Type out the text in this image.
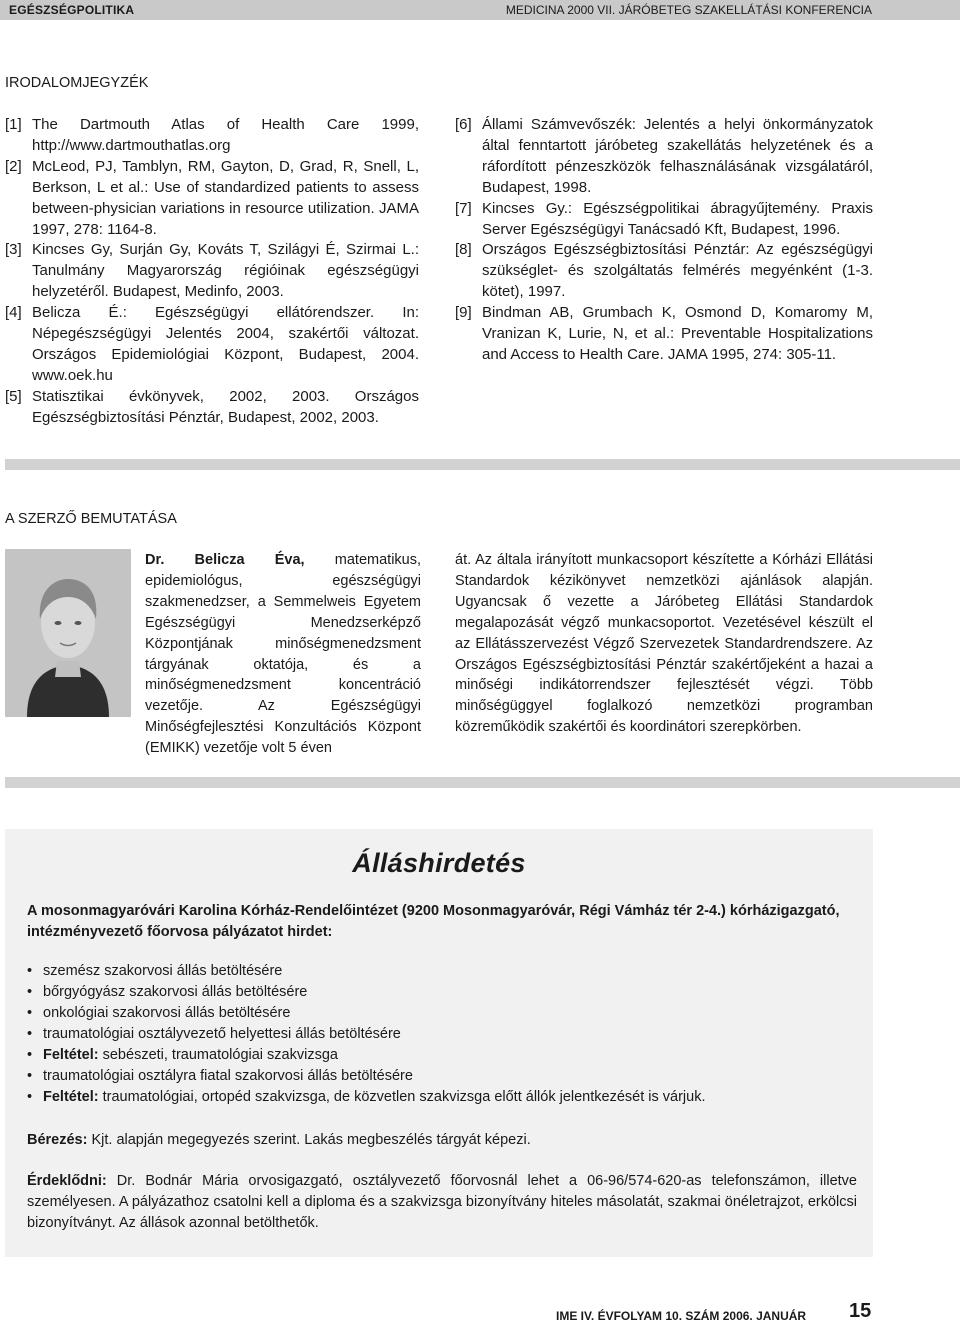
EGÉSZSÉGPOLITIKA	MEDICINA 2000 VII. JÁRÓBETEG SZAKELLÁTÁSI KONFERENCIA
IRODALOMJEGYZÉK
[1] The Dartmouth Atlas of Health Care 1999, http://www.dartmouthatlas.org
[2] McLeod, PJ, Tamblyn, RM, Gayton, D, Grad, R, Snell, L, Berkson, L et al.: Use of standardized patients to assess between-physician variations in resource utilization. JAMA 1997, 278: 1164-8.
[3] Kincses Gy, Surján Gy, Kováts T, Szilágyi É, Szirmai L.: Tanulmány Magyarország régióinak egészségügyi helyzetéről. Budapest, Medinfo, 2003.
[4] Belicza É.: Egészségügyi ellátórendszer. In: Népegészségügyi Jelentés 2004, szakértői változat. Országos Epidemiológiai Központ, Budapest, 2004. www.oek.hu
[5] Statisztikai évkönyvek, 2002, 2003. Országos Egészségbiztosítási Pénztár, Budapest, 2002, 2003.
[6] Állami Számvevőszék: Jelentés a helyi önkormányzatok által fenntartott járóbeteg szakellátás helyzetének és a ráfordított pénzeszközök felhasználásának vizsgálatáról, Budapest, 1998.
[7] Kincses Gy.: Egészségpolitikai ábragyűjtemény. Praxis Server Egészségügyi Tanácsadó Kft, Budapest, 1996.
[8] Országos Egészségbiztosítási Pénztár: Az egészségügyi szükséglet- és szolgáltatás felmérés megyénként (1-3. kötet), 1997.
[9] Bindman AB, Grumbach K, Osmond D, Komaromy M, Vranizan K, Lurie, N, et al.: Preventable Hospitalizations and Access to Health Care. JAMA 1995, 274: 305-11.
A SZERZŐ BEMUTATÁSA
Dr. Belicza Éva, matematikus, epidemiológus, egészségügyi szakmenedzser, a Semmelweis Egyetem Egészségügyi Menedzserképző Központjának minőségmenedzsment tárgyának oktatója, és a minőségmenedzsment koncentráció vezetője. Az Egészségügyi Minőségfejlesztési Konzultációs Központ (EMIKK) vezetője volt 5 éven
át. Az általa irányított munkacsoport készítette a Kórházi Ellátási Standardok kézikönyvet nemzetközi ajánlások alapján. Ugyancsak ő vezette a Járóbeteg Ellátási Standardok megalapozását végző munkacsoportot. Vezetésével készült el az Ellátásszervezést Végző Szervezetek Standardrendszere. Az Országos Egészségbiztosítási Pénztár szakértőjeként a hazai a minőségi indikátorrendszer fejlesztését végzi. Több minőségüggyel foglalkozó nemzetközi programban közreműködik szakértői és koordinátori szerepkörben.
Álláshirdetés
A mosonmagyaróvári Karolina Kórház-Rendelőintézet (9200 Mosonmagyaróvár, Régi Vámház tér 2-4.) kórházigazgató, intézményvezető főorvosa pályázatot hirdet:
• szemész szakorvosi állás betöltésére
• bőrgyógyász szakorvosi állás betöltésére
• onkológiai szakorvosi állás betöltésére
• traumatológiai osztályvezető helyettesi állás betöltésére
• Feltétel: sebészeti, traumatológiai szakvizsga
• traumatológiai osztályra fiatal szakorvosi állás betöltésére
• Feltétel: traumatológiai, ortopéd szakvizsga, de közvetlen szakvizsga előtt állók jelentkezését is várjuk.
Bérezés: Kjt. alapján megegyezés szerint. Lakás megbeszélés tárgyát képezi.
Érdeklődni: Dr. Bodnár Mária orvosigazgató, osztályvezető főorvosnál lehet a 06-96/574-620-as telefonszámon, illetve személyesen. A pályázathoz csatolni kell a diploma és a szakvizsga bizonyítvány hiteles másolatát, szakmai önéletrajzot, erkölcsi bizonyítványt. Az állások azonnal betölthetők.
IME IV. ÉVFOLYAM 10. SZÁM 2006. JANUÁR 15
